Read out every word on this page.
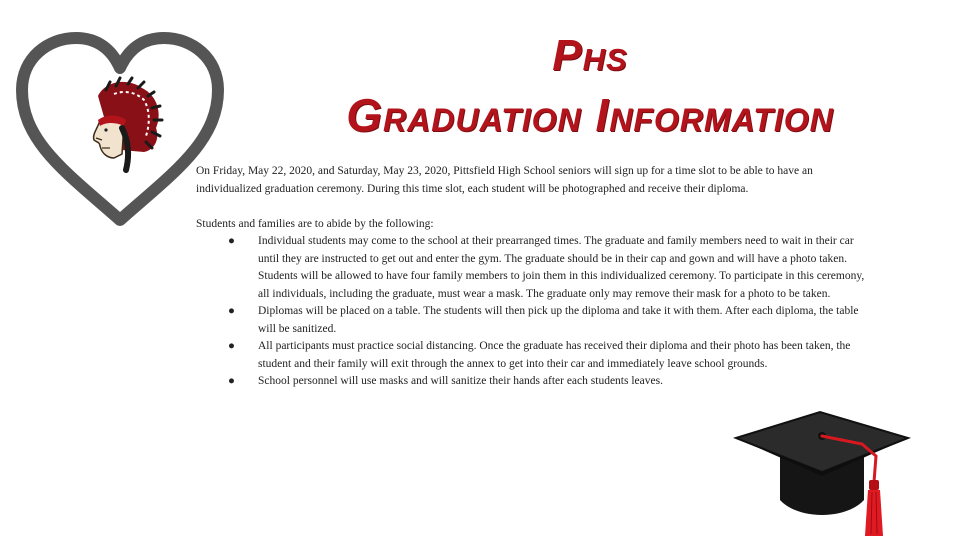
Phs
Graduation Information

On Friday, May 22, 2020, and Saturday, May 23, 2020, Pittsfield High School seniors will sign up for a time slot to be able to have an individualized graduation ceremony. During this time slot, each student will be photographed and receive their diploma.

Students and families are to abide by the following:

● Individual students may come to the school at their prearranged times. The graduate and family members need to wait in their car until they are instructed to get out and enter the gym. The graduate should be in their cap and gown and will have a photo taken. Students will be allowed to have four family members to join them in this individualized ceremony. To participate in this ceremony, all individuals, including the graduate, must wear a mask. The graduate only may remove their mask for a photo to be taken.
● Diplomas will be placed on a table. The students will then pick up the diploma and take it with them. After each diploma, the table will be sanitized.
● All participants must practice social distancing. Once the graduate has received their diploma and their photo has been taken, the student and their family will exit through the annex to get into their car and immediately leave school grounds.
● School personnel will use masks and will sanitize their hands after each students leaves.
